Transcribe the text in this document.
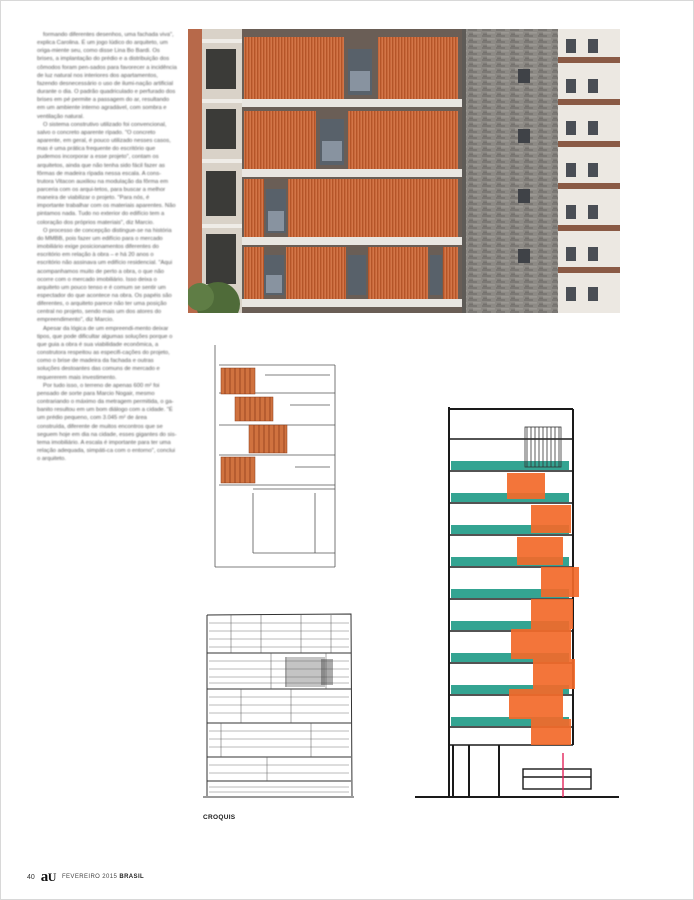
formando diferentes desenhos, uma fachada viva", explica Carolina. É um jogo lúdico do arquiteto, um origa-miente seu, como disse Lina Bo Bardi. Os brises, a implantação do prédio e a distribuição dos cômodos foram pen-sados para favorecer a incidência de luz natural nos interiores dos apartamentos, fazendo desnecessário o uso de ilumi-nação artificial durante o dia. O padrão quadriculado e perfurado dos brises em pé permite a passagem do ar, resultando em um ambiente interno agradável, com sombra e ventilação natural.

O sistema construtivo utilizado foi convencional, salvo o concreto aparente rípado. "O concreto aparente, em geral, é pouco utilizado nesses casos, mas é uma prática frequente do escritório que pudemos incorporar a esse projeto", contam os arquitetos, ainda que não tenha sido fácil fazer as fôrmas de madeira rípada nessa escala. A cons-trutora Vitacon auxiliou na modulação da fôrma em parceria com os arqui-tetos, para buscar a melhor maneira de viabilizar o projeto. "Para nós, é importante trabalhar com os materiais aparentes. Não pintamos nada. Tudo no exterior do edifício tem a coloração dos próprios materiais", diz Marcio.

O processo de concepção distingue-se na história do MMBB, pois fazer um edifício para o mercado imobiliário exige posicionamentos diferentes do escritório em relação à obra – e há 20 anos o escritório não assinava um edifício residencial. "Aqui acompanhamos muito de perto a obra, o que não ocorre com o mercado imobiliário. Isso deixa o arquiteto um pouco tenso e é comum se sentir um espectador do que acontece na obra. Os papéis são diferentes, o arquiteto parece não ter uma posição central no projeto, sendo mais um dos atores do empreendimento", diz Marcio.

Apesar da lógica de um empreendi-mento deixar tipos, que pode dificultar algumas soluções porque o que guia a obra é sua viabilidade econômica, a construtora respeitou as especifi-cações do projeto, como o brise de madeira da fachada e outras soluções destoantes das comuns de mercado e requererem mais investimento.

Por tudo isso, o terreno de apenas 600 m² foi pensado de sorte para Marcio Nogair, mesmo contrariando o máximo da metragem permitida, o ga-banito resultou em um bom diálogo com a cidade. "É um prédio pequeno, com 3.045 m² de área construída, diferente de muitos encontros que se seguem hoje em dia na cidade, esses gigantes do sis-tema imobiliário. A escala é importante para ter uma relação adequada, simpáti-ca com o entorno", conclui o arquiteto.

CROQUIS
40 aU FEVEREIRO 2015 BRASIL
